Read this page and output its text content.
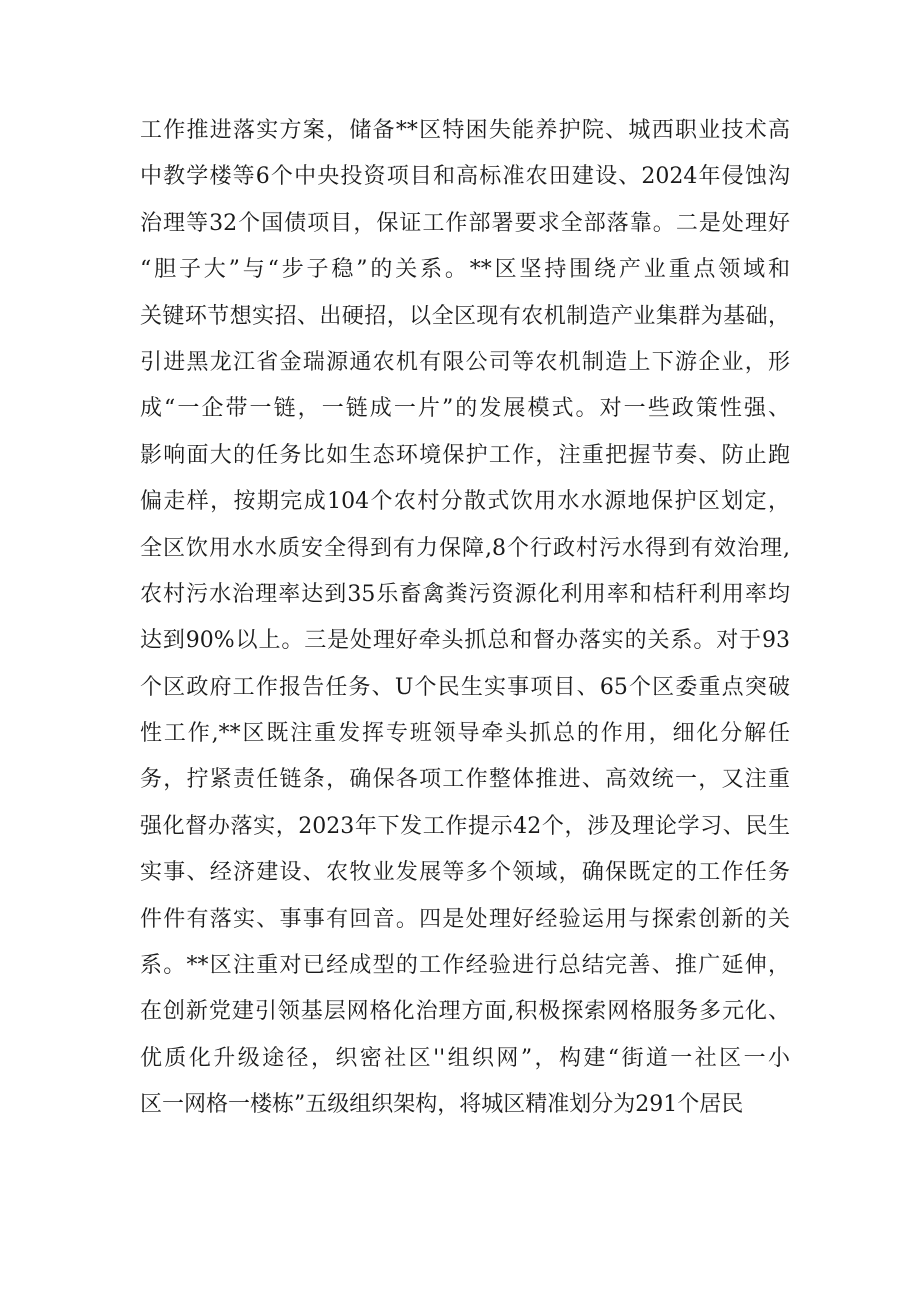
工作推进落实方案，储备**区特困失能养护院、城西职业技术高
中教学楼等6个中央投资项目和高标准农田建设、2024年侵蚀沟
治理等32个国债项目，保证工作部署要求全部落靠。二是处理好
“胆子大”与“步子稳”的关系。**区坚持围绕产业重点领域和
关键环节想实招、出硬招，以全区现有农机制造产业集群为基础，
引进黑龙江省金瑞源通农机有限公司等农机制造上下游企业，形
成“一企带一链，一链成一片”的发展模式。对一些政策性强、
影响面大的任务比如生态环境保护工作，注重把握节奏、防止跑
偏走样，按期完成104个农村分散式饮用水水源地保护区划定，
全区饮用水水质安全得到有力保障,8个行政村污水得到有效治理,
农村污水治理率达到35乐畜禽粪污资源化利用率和桔秆利用率均
达到90%以上。三是处理好牵头抓总和督办落实的关系。对于93
个区政府工作报告任务、U个民生实事项目、65个区委重点突破
性工作,**区既注重发挥专班领导牵头抓总的作用，细化分解任
务，拧紧责任链条，确保各项工作整体推进、高效统一，又注重
强化督办落实，2023年下发工作提示42个，涉及理论学习、民生
实事、经济建设、农牧业发展等多个领域，确保既定的工作任务
件件有落实、事事有回音。四是处理好经验运用与探索创新的关
系。**区注重对已经成型的工作经验进行总结完善、推广延伸，
在创新党建引领基层网格化治理方面,积极探索网格服务多元化、
优质化升级途径，织密社区''组织网”，构建“街道一社区一小
区一网格一楼栋”五级组织架构，将城区精准划分为291个居民
